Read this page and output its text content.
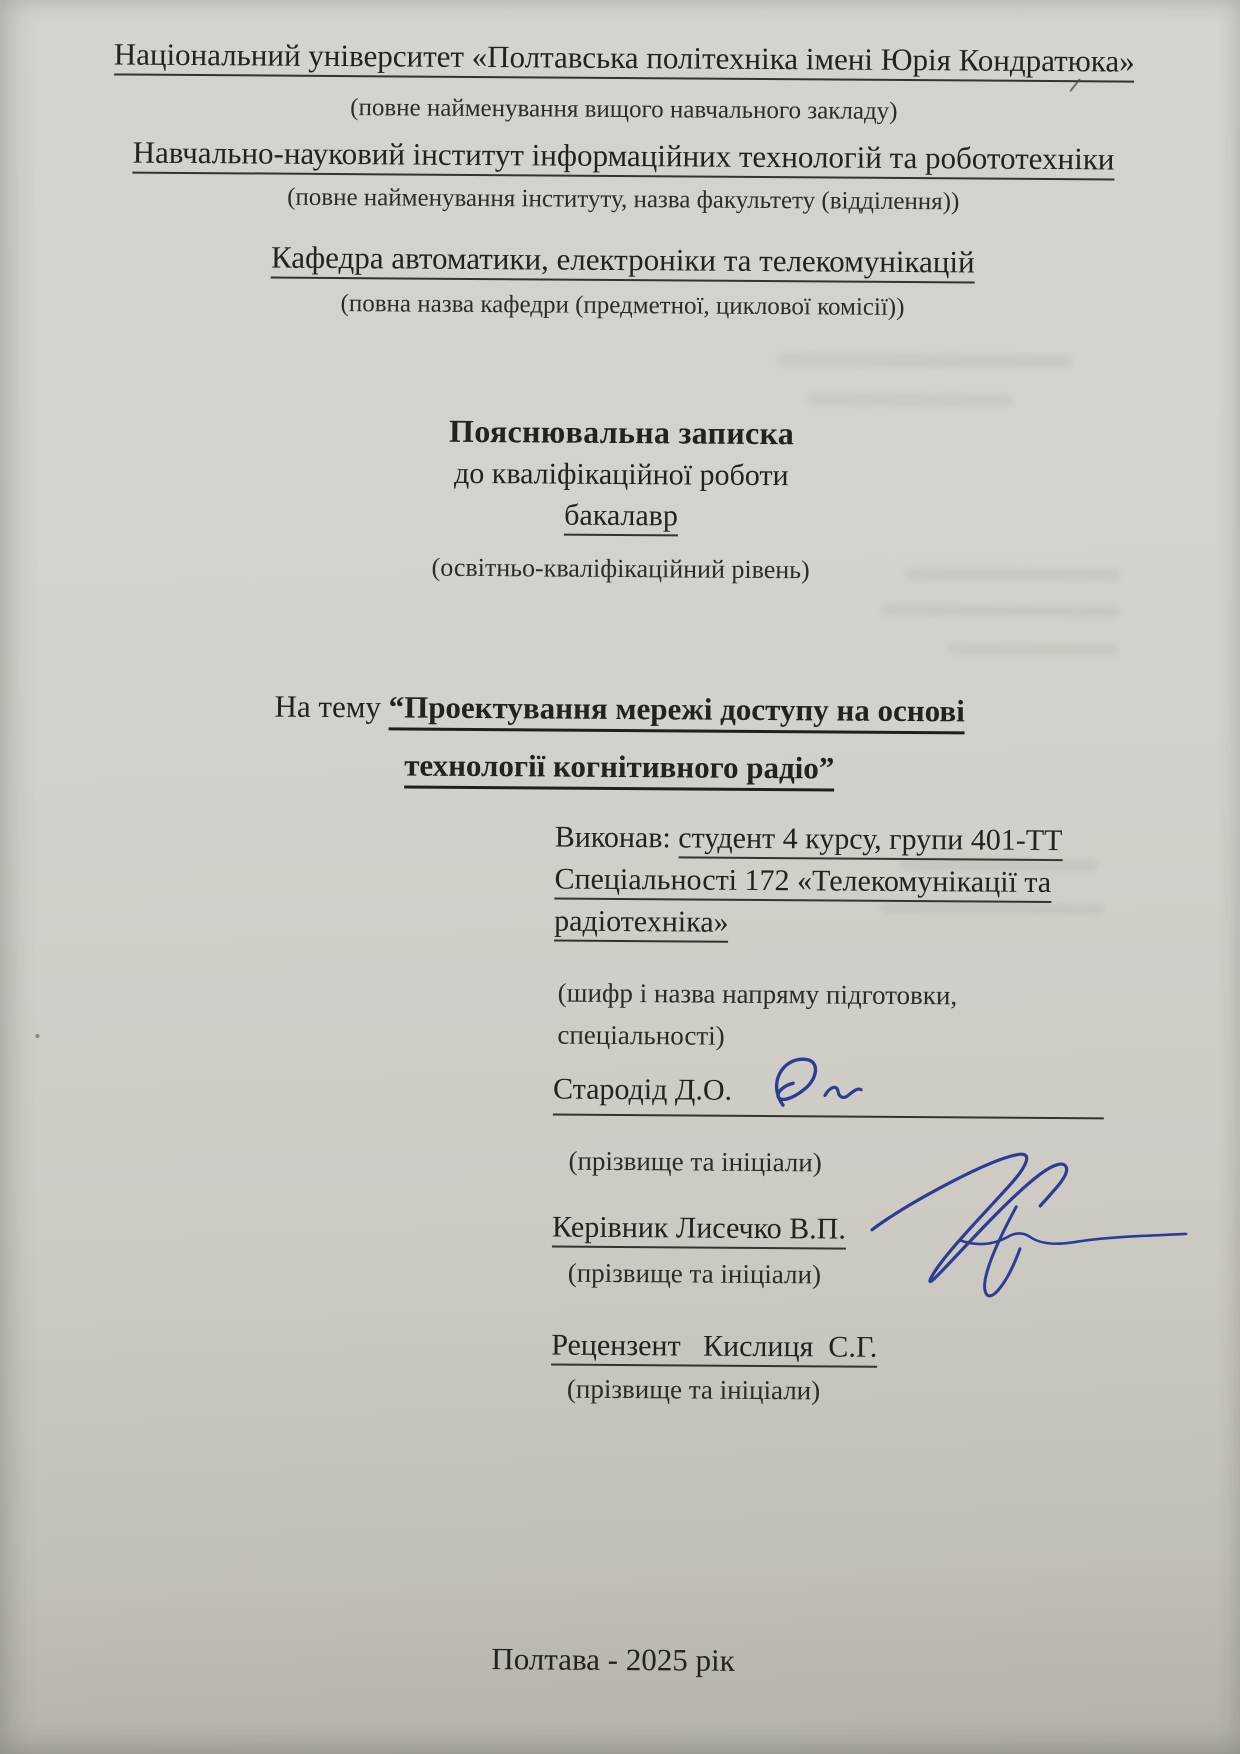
Національний університет «Полтавська політехніка імені Юрія Кондратюка»
(повне найменування вищого навчального закладу)
Навчально-науковий інститут інформаційних технологій та робототехніки
(повне найменування інституту, назва факультету (відділення))
Кафедра автоматики, електроніки та телекомунікацій
(повна назва кафедри (предметної, циклової комісії))
Пояснювальна записка
до кваліфікаційної роботи
бакалавр
(освітньо-кваліфікаційний рівень)
На тему “Проектування мережі доступу на основі
технології когнітивного радіо”
Виконав: студент 4 курсу, групи 401-ТТ
Спеціальності 172 «Телекомунікації та
радіотехніка»
(шифр і назва напряму підготовки,
спеціальності)
Стародід Д.О.
(прізвище та ініціали)
Керівник Лисечко В.П.
(прізвище та ініціали)
Рецензент   Кислиця  С.Г.
(прізвище та ініціали)
Полтава - 2025 рік
